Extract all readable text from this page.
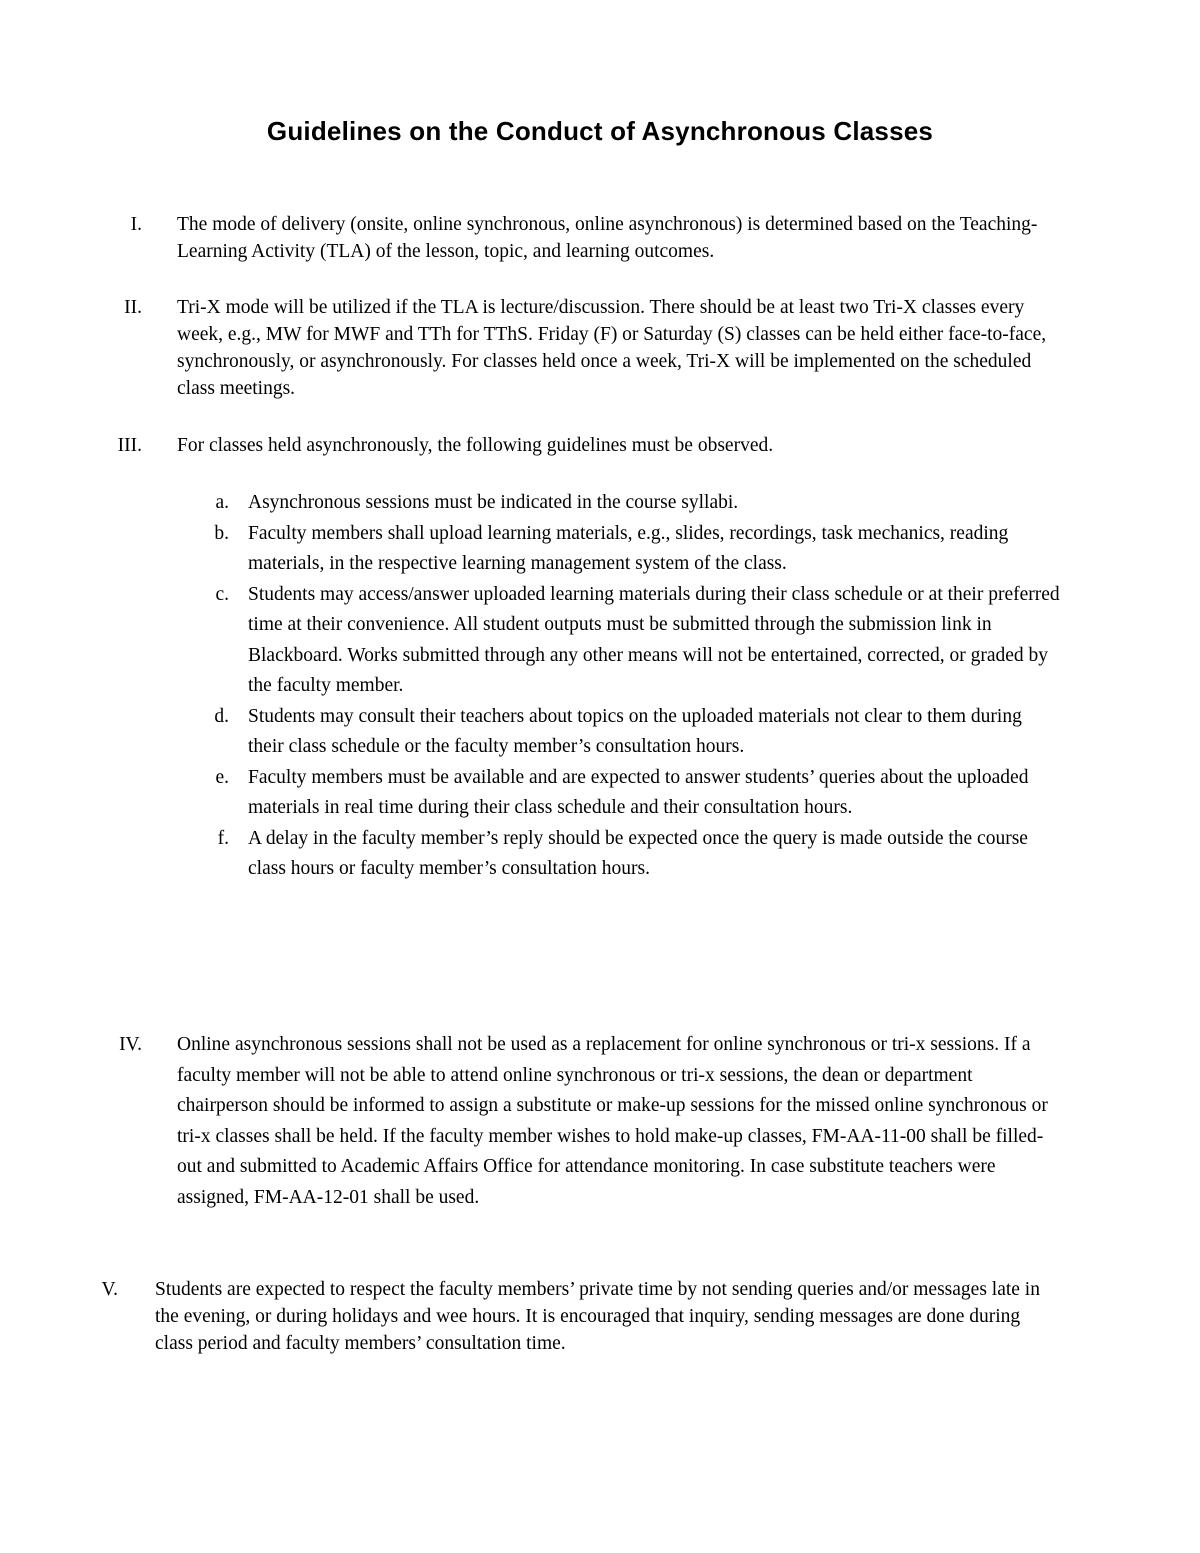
Guidelines on the Conduct of Asynchronous Classes
I. The mode of delivery (onsite, online synchronous, online asynchronous) is determined based on the Teaching-Learning Activity (TLA) of the lesson, topic, and learning outcomes.

II. Tri-X mode will be utilized if the TLA is lecture/discussion. There should be at least two Tri-X classes every week, e.g., MW for MWF and TTh for TThS. Friday (F) or Saturday (S) classes can be held either face-to-face, synchronously, or asynchronously. For classes held once a week, Tri-X will be implemented on the scheduled class meetings.

III. For classes held asynchronously, the following guidelines must be observed.

a. Asynchronous sessions must be indicated in the course syllabi.
b. Faculty members shall upload learning materials, e.g., slides, recordings, task mechanics, reading materials, in the respective learning management system of the class.
c. Students may access/answer uploaded learning materials during their class schedule or at their preferred time at their convenience. All student outputs must be submitted through the submission link in Blackboard. Works submitted through any other means will not be entertained, corrected, or graded by the faculty member.
d. Students may consult their teachers about topics on the uploaded materials not clear to them during their class schedule or the faculty member’s consultation hours.
e. Faculty members must be available and are expected to answer students’ queries about the uploaded materials in real time during their class schedule and their consultation hours.
f. A delay in the faculty member’s reply should be expected once the query is made outside the course class hours or faculty member’s consultation hours.
IV. Online asynchronous sessions shall not be used as a replacement for online synchronous or tri-x sessions. If a faculty member will not be able to attend online synchronous or tri-x sessions, the dean or department chairperson should be informed to assign a substitute or make-up sessions for the missed online synchronous or tri-x classes shall be held. If the faculty member wishes to hold make-up classes, FM-AA-11-00 shall be filled-out and submitted to Academic Affairs Office for attendance monitoring. In case substitute teachers were assigned, FM-AA-12-01 shall be used.

V. Students are expected to respect the faculty members’ private time by not sending queries and/or messages late in the evening, or during holidays and wee hours. It is encouraged that inquiry, sending messages are done during class period and faculty members’ consultation time.
